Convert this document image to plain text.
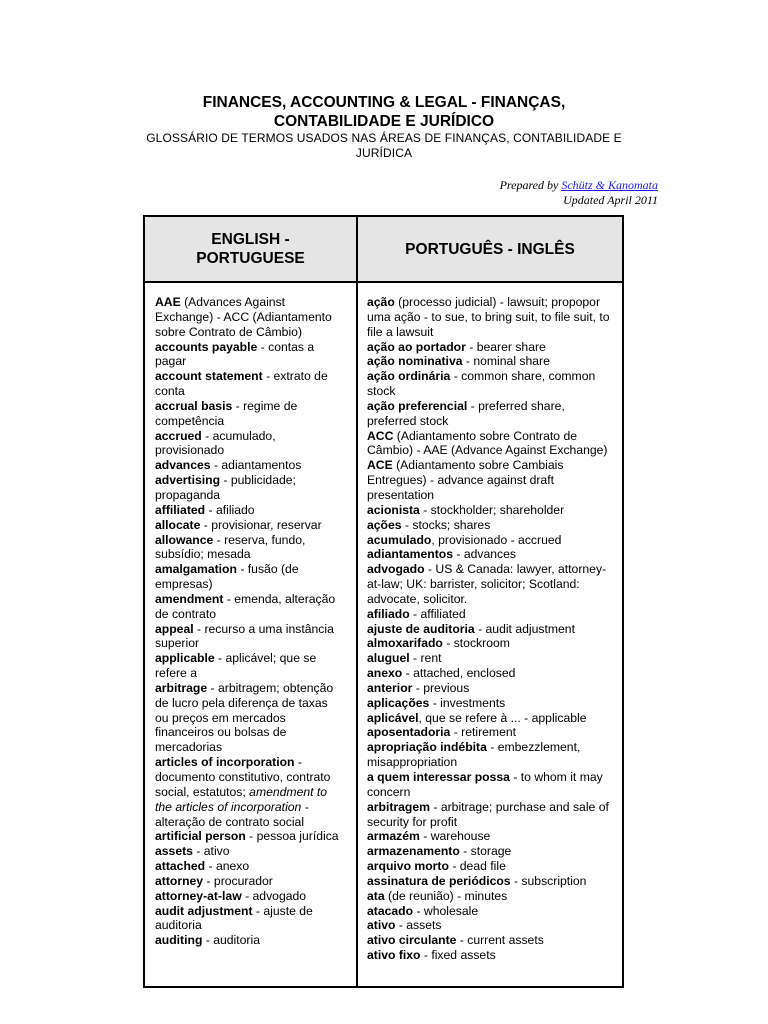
FINANCES, ACCOUNTING & LEGAL - FINANÇAS,
CONTABILIDADE E JURÍDICO
GLOSSÁRIO DE TERMOS USADOS NAS ÁREAS DE FINANÇAS, CONTABILIDADE E
JURÍDICA
Prepared by Schütz & Kanomata
Updated April 2011
ENGLISH -
PORTUGUESE
PORTUGUÊS - INGLÊS
AAE (Advances Against Exchange) - ACC (Adiantamento sobre Contrato de Câmbio)
accounts payable - contas a pagar
account statement - extrato de conta
accrual basis - regime de competência
accrued - acumulado, provisionado
advances - adiantamentos
advertising - publicidade; propaganda
affiliated - afiliado
allocate - provisionar, reservar
allowance - reserva, fundo, subsídio; mesada
amalgamation - fusão (de empresas)
amendment - emenda, alteração de contrato
appeal - recurso a uma instância superior
applicable - aplicável; que se refere a
arbitrage - arbitragem; obtenção de lucro pela diferença de taxas ou preços em mercados financeiros ou bolsas de mercadorias
articles of incorporation - documento constitutivo, contrato social, estatutos; amendment to the articles of incorporation - alteração de contrato social
artificial person - pessoa jurídica
assets - ativo
attached - anexo
attorney - procurador
attorney-at-law - advogado
audit adjustment - ajuste de auditoria
auditing - auditoria
ação (processo judicial) - lawsuit; propopor uma ação - to sue, to bring suit, to file suit, to file a lawsuit
ação ao portador - bearer share
ação nominativa - nominal share
ação ordinária - common share, common stock
ação preferencial - preferred share, preferred stock
ACC (Adiantamento sobre Contrato de Câmbio) - AAE (Advance Against Exchange)
ACE (Adiantamento sobre Cambiais Entregues) - advance against draft presentation
acionista - stockholder; shareholder
ações - stocks; shares
acumulado, provisionado - accrued
adiantamentos - advances
advogado - US & Canada: lawyer, attorney-at-law; UK: barrister, solicitor; Scotland: advocate, solicitor.
afiliado - affiliated
ajuste de auditoria - audit adjustment
almoxarifado - stockroom
aluguel - rent
anexo - attached, enclosed
anterior - previous
aplicações - investments
aplicável, que se refere à ... - applicable
aposentadoria - retirement
apropriação indébita - embezzlement, misappropriation
a quem interessar possa - to whom it may concern
arbitragem - arbitrage; purchase and sale of security for profit
armazém - warehouse
armazenamento - storage
arquivo morto - dead file
assinatura de periódicos - subscription
ata (de reunião) - minutes
atacado - wholesale
ativo - assets
ativo circulante - current assets
ativo fixo - fixed assets
